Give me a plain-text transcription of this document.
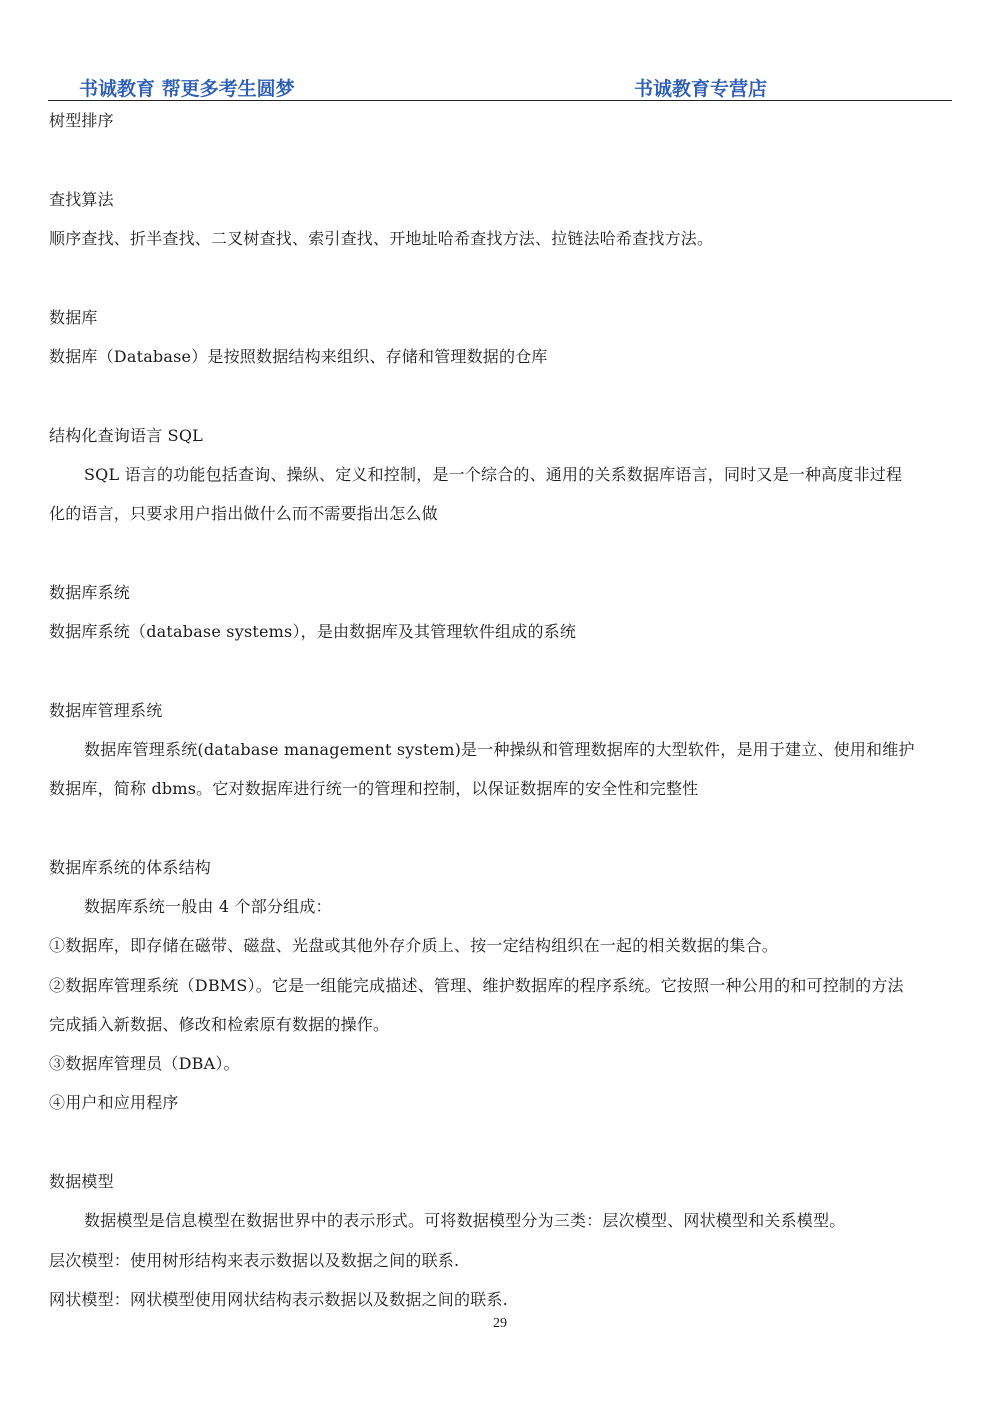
书诚教育 帮更多考生圆梦	书诚教育专营店
树型排序
查找算法
顺序查找、折半查找、二叉树查找、索引查找、开地址哈希查找方法、拉链法哈希查找方法。
数据库
数据库（Database）是按照数据结构来组织、存储和管理数据的仓库
结构化查询语言 SQL
SQL 语言的功能包括查询、操纵、定义和控制，是一个综合的、通用的关系数据库语言，同时又是一种高度非过程
化的语言，只要求用户指出做什么而不需要指出怎么做
数据库系统
数据库系统（database systems），是由数据库及其管理软件组成的系统
数据库管理系统
数据库管理系统(database management system)是一种操纵和管理数据库的大型软件，是用于建立、使用和维护
数据库，简称 dbms。它对数据库进行统一的管理和控制，以保证数据库的安全性和完整性
数据库系统的体系结构
数据库系统一般由 4 个部分组成：
①数据库，即存储在磁带、磁盘、光盘或其他外存介质上、按一定结构组织在一起的相关数据的集合。
②数据库管理系统（DBMS）。它是一组能完成描述、管理、维护数据库的程序系统。它按照一种公用的和可控制的方法
完成插入新数据、修改和检索原有数据的操作。
③数据库管理员（DBA）。
④用户和应用程序
数据模型
数据模型是信息模型在数据世界中的表示形式。可将数据模型分为三类：层次模型、网状模型和关系模型。
层次模型：使用树形结构来表示数据以及数据之间的联系.
网状模型：网状模型使用网状结构表示数据以及数据之间的联系.
29
